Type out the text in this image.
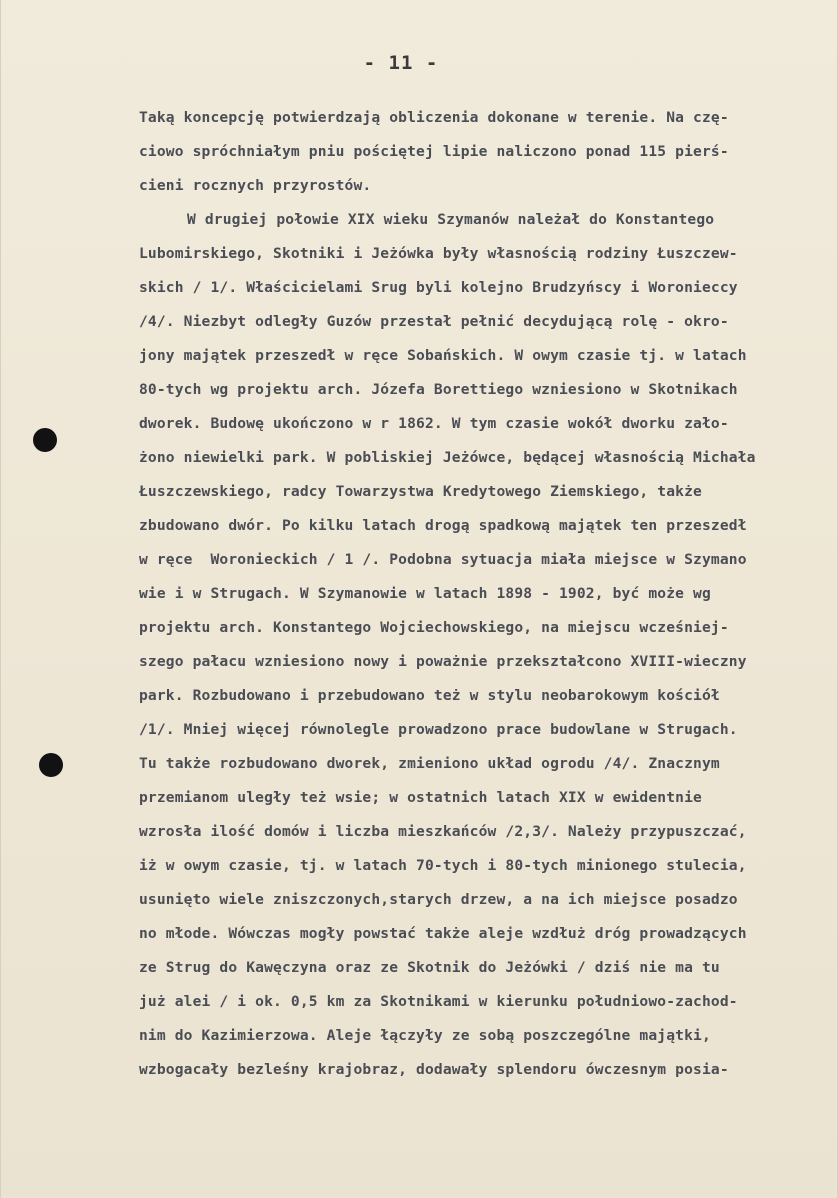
- 11 -
Taką koncepcję potwierdzają obliczenia dokonane w terenie. Na czę-
ciowo spróchniałym pniu pościętej lipie naliczono ponad 115 pierś-
cieni rocznych przyrostów.
W drugiej połowie XIX wieku Szymanów należał do Konstantego
Lubomirskiego, Skotniki i Jeżówka były własnością rodziny Łuszczew-
skich / 1/. Właścicielami Srug byli kolejno Brudzyńscy i Woronieccy
/4/. Niezbyt odległy Guzów przestał pełnić decydującą rolę - okro-
jony majątek przeszedł w ręce Sobańskich. W owym czasie tj. w latach
80-tych wg projektu arch. Józefa Borettiego wzniesiono w Skotnikach
dworek. Budowę ukończono w r 1862. W tym czasie wokół dworku zało-
żono niewielki park. W pobliskiej Jeżówce, będącej własnością Michała
Łuszczewskiego, radcy Towarzystwa Kredytowego Ziemskiego, także
zbudowano dwór. Po kilku latach drogą spadkową majątek ten przeszedł
w ręce  Woronieckich / 1 /. Podobna sytuacja miała miejsce w Szymano
wie i w Strugach. W Szymanowie w latach 1898 - 1902, być może wg
projektu arch. Konstantego Wojciechowskiego, na miejscu wcześniej-
szego pałacu wzniesiono nowy i poważnie przekształcono XVIII-wieczny
park. Rozbudowano i przebudowano też w stylu neobarokowym kościół
/1/. Mniej więcej równolegle prowadzono prace budowlane w Strugach.
Tu także rozbudowano dworek, zmieniono układ ogrodu /4/. Znacznym
przemianom uległy też wsie; w ostatnich latach XIX w ewidentnie
wzrosła ilość domów i liczba mieszkańców /2,3/. Należy przypuszczać,
iż w owym czasie, tj. w latach 70-tych i 80-tych minionego stulecia,
usunięto wiele zniszczonych,starych drzew, a na ich miejsce posadzo
no młode. Wówczas mogły powstać także aleje wzdłuż dróg prowadzących
ze Strug do Kawęczyna oraz ze Skotnik do Jeżówki / dziś nie ma tu
już alei / i ok. 0,5 km za Skotnikami w kierunku południowo-zachod-
nim do Kazimierzowa. Aleje łączyły ze sobą poszczególne majątki,
wzbogacały bezleśny krajobraz, dodawały splendoru ówczesnym posia-
